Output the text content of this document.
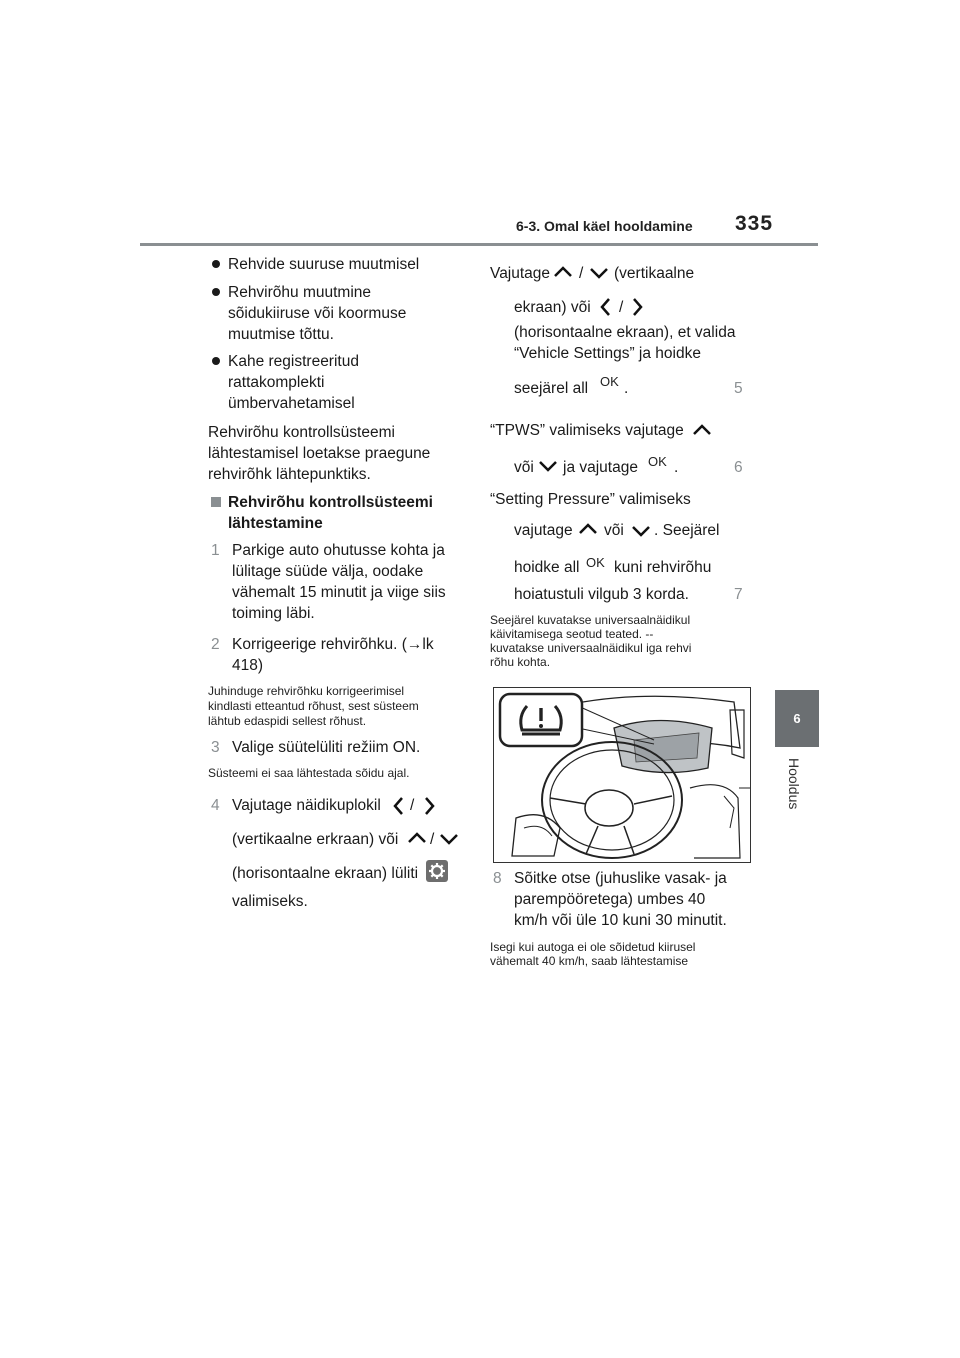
6-3. Omal käel hooldamine 335
6
Hooldus
Rehvide suuruse muutmisel
Rehvirõhu muutmine
sõidukiiruse või koormuse
muutmise tõttu.
Kahe registreeritud
rattakomplekti
ümbervahetamisel
Rehvirõhu kontrollsüsteemi
lähtestamisel loetakse praegune
rehvirõhk lähtepunktiks.
Rehvirõhu kontrollsüsteemi
lähtestamine
1 Parkige auto ohutusse kohta ja
lülitage süüde välja, oodake
vähemalt 15 minutit ja viige siis
toiming läbi.
2 Korrigeerige rehvirõhku. (→lk
418)
Juhinduge rehvirõhku korrigeerimisel
kindlasti etteantud rõhust, sest süsteem
lähtub edaspidi sellest rõhust.
3 Valige süütelüliti režiim ON.
Süsteemi ei saa lähtestada sõidu ajal.
4 Vajutage näidikuplokil /
(vertikaalne erkraan) või /
(horisontaalne ekraan) lüliti
valimiseks.
Vajutage / (vertikaalne
ekraan) või /
(horisontaalne ekraan), et valida
“Vehicle Settings” ja hoidke
seejärel all OK .	5
“TPWS” valimiseks vajutage
või ja vajutage OK .	6
“Setting Pressure” valimiseks
vajutage või . Seejärel
hoidke all OK kuni rehvirõhu
hoiatustuli vilgub 3 korda.	7
Seejärel kuvatakse universaalnäidikul
käivitamisega seotud teated. --
kuvatakse universaalnäidikul iga rehvi
rõhu kohta.
8 Sõitke otse (juhuslike vasak- ja
parempööretega) umbes 40
km/h või üle 10 kuni 30 minutit.
Isegi kui autoga ei ole sõidetud kiirusel
vähemalt 40 km/h, saab lähtestamise
